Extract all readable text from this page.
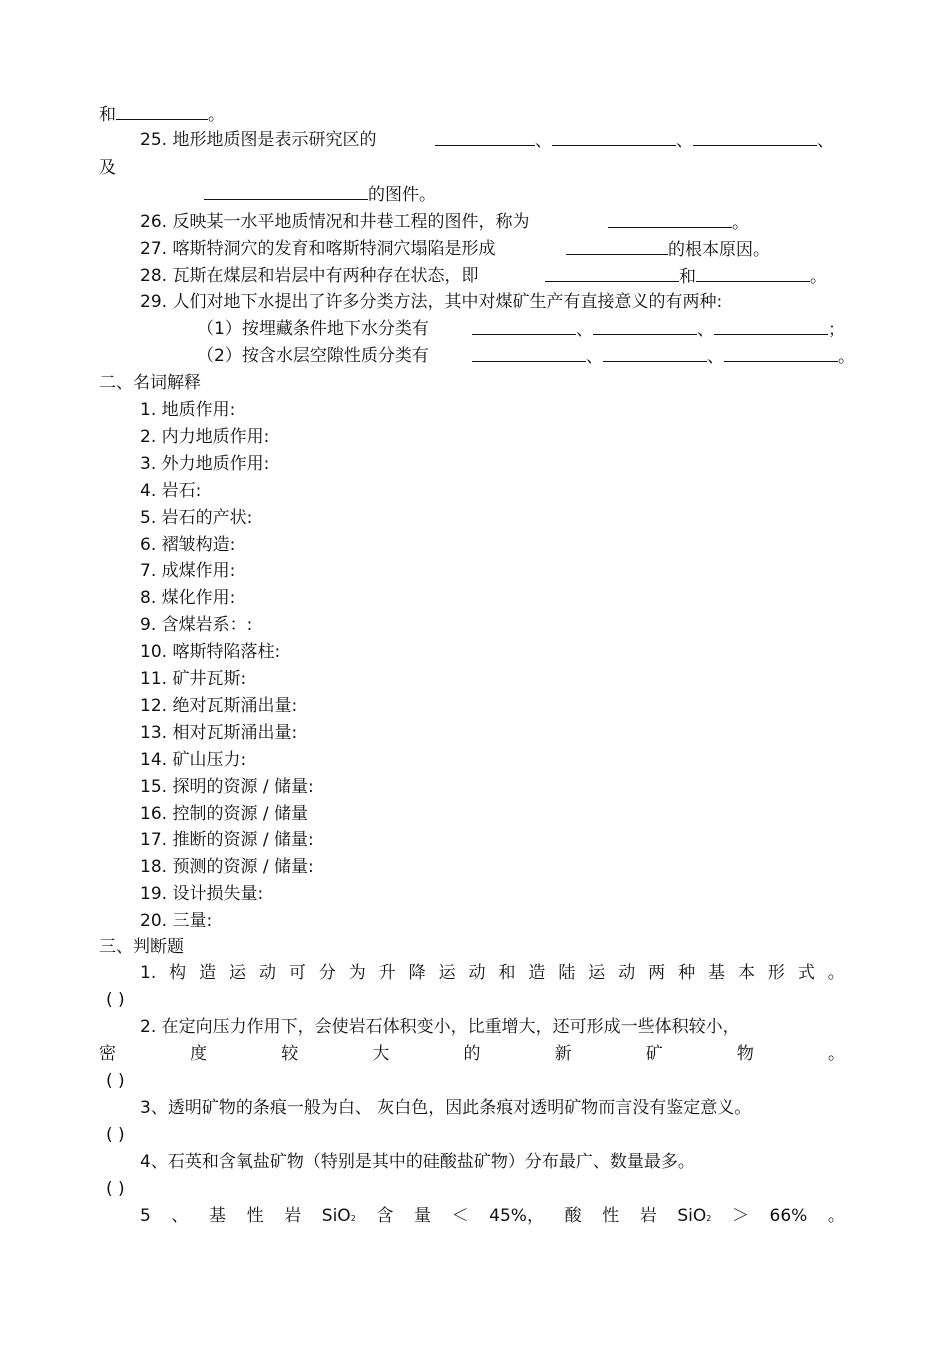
和	。
25. 地形地质图是表示研究区的	、	、	、
及
的图件。
26. 反映某一水平地质情况和井巷工程的图件，称为	。
27. 喀斯特洞穴的发育和喀斯特洞穴塌陷是形成	的根本原因。
28. 瓦斯在煤层和岩层中有两种存在状态，即	和	。
29. 人们对地下水提出了许多分类方法，其中对煤矿生产有直接意义的有两种:
（1）按埋藏条件地下水分类有	、	、	；
（2）按含水层空隙性质分类有	、	、	。
二、名词解释
1. 地质作用:
2. 内力地质作用:
3. 外力地质作用:
4. 岩石:
5. 岩石的产状:
6. 褶皱构造:
7. 成煤作用:
8. 煤化作用:
9. 含煤岩系：:
10. 喀斯特陷落柱:
11. 矿井瓦斯:
12. 绝对瓦斯涌出量:
13. 相对瓦斯涌出量:
14. 矿山压力:
15. 探明的资源 / 储量:
16. 控制的资源 / 储量
17. 推断的资源 / 储量:
18. 预测的资源 / 储量:
19. 设计损失量:
20. 三量:
三、判断题
1. 构 造 运 动 可 分 为 升 降 运 动 和 造 陆 运 动 两 种 基 本 形 式 。
( )
2. 在定向压力作用下，会使岩石体积变小，比重增大，还可形成一些体积较小，
密	度	较	大	的	新	矿	物	。
( )
3、透明矿物的条痕一般为白、 灰白色，因此条痕对透明矿物而言没有鉴定意义。
( )
4、石英和含氧盐矿物（特别是其中的硅酸盐矿物）分布最广、数量最多。
( )
5 、 基 性 岩 SiO2 含 量 ＜ 45%， 酸 性 岩 SiO2 ＞ 66% 。
